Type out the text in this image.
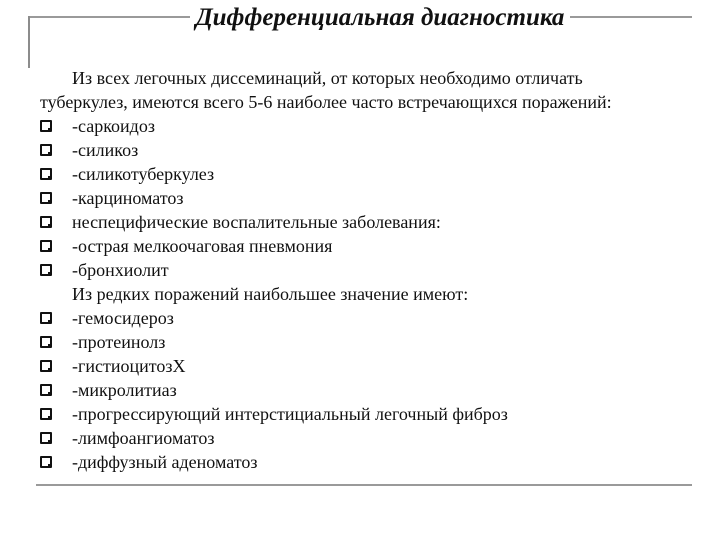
Дифференциальная диагностика
Из всех легочных диссеминаций, от которых необходимо отличать
туберкулез, имеются всего 5-6 наиболее часто встречающихся поражений:
-саркоидоз
-силикоз
-силикотуберкулез
-карциноматоз
неспецифические воспалительные заболевания:
-острая мелкоочаговая пневмония
-бронхиолит
Из редких поражений наибольшее значение имеют:
-гемосидероз
-протеинолз
-гистиоцитозХ
-микролитиаз
-прогрессирующий интерстициальный легочный фиброз
-лимфоангиоматоз
-диффузный аденоматоз
